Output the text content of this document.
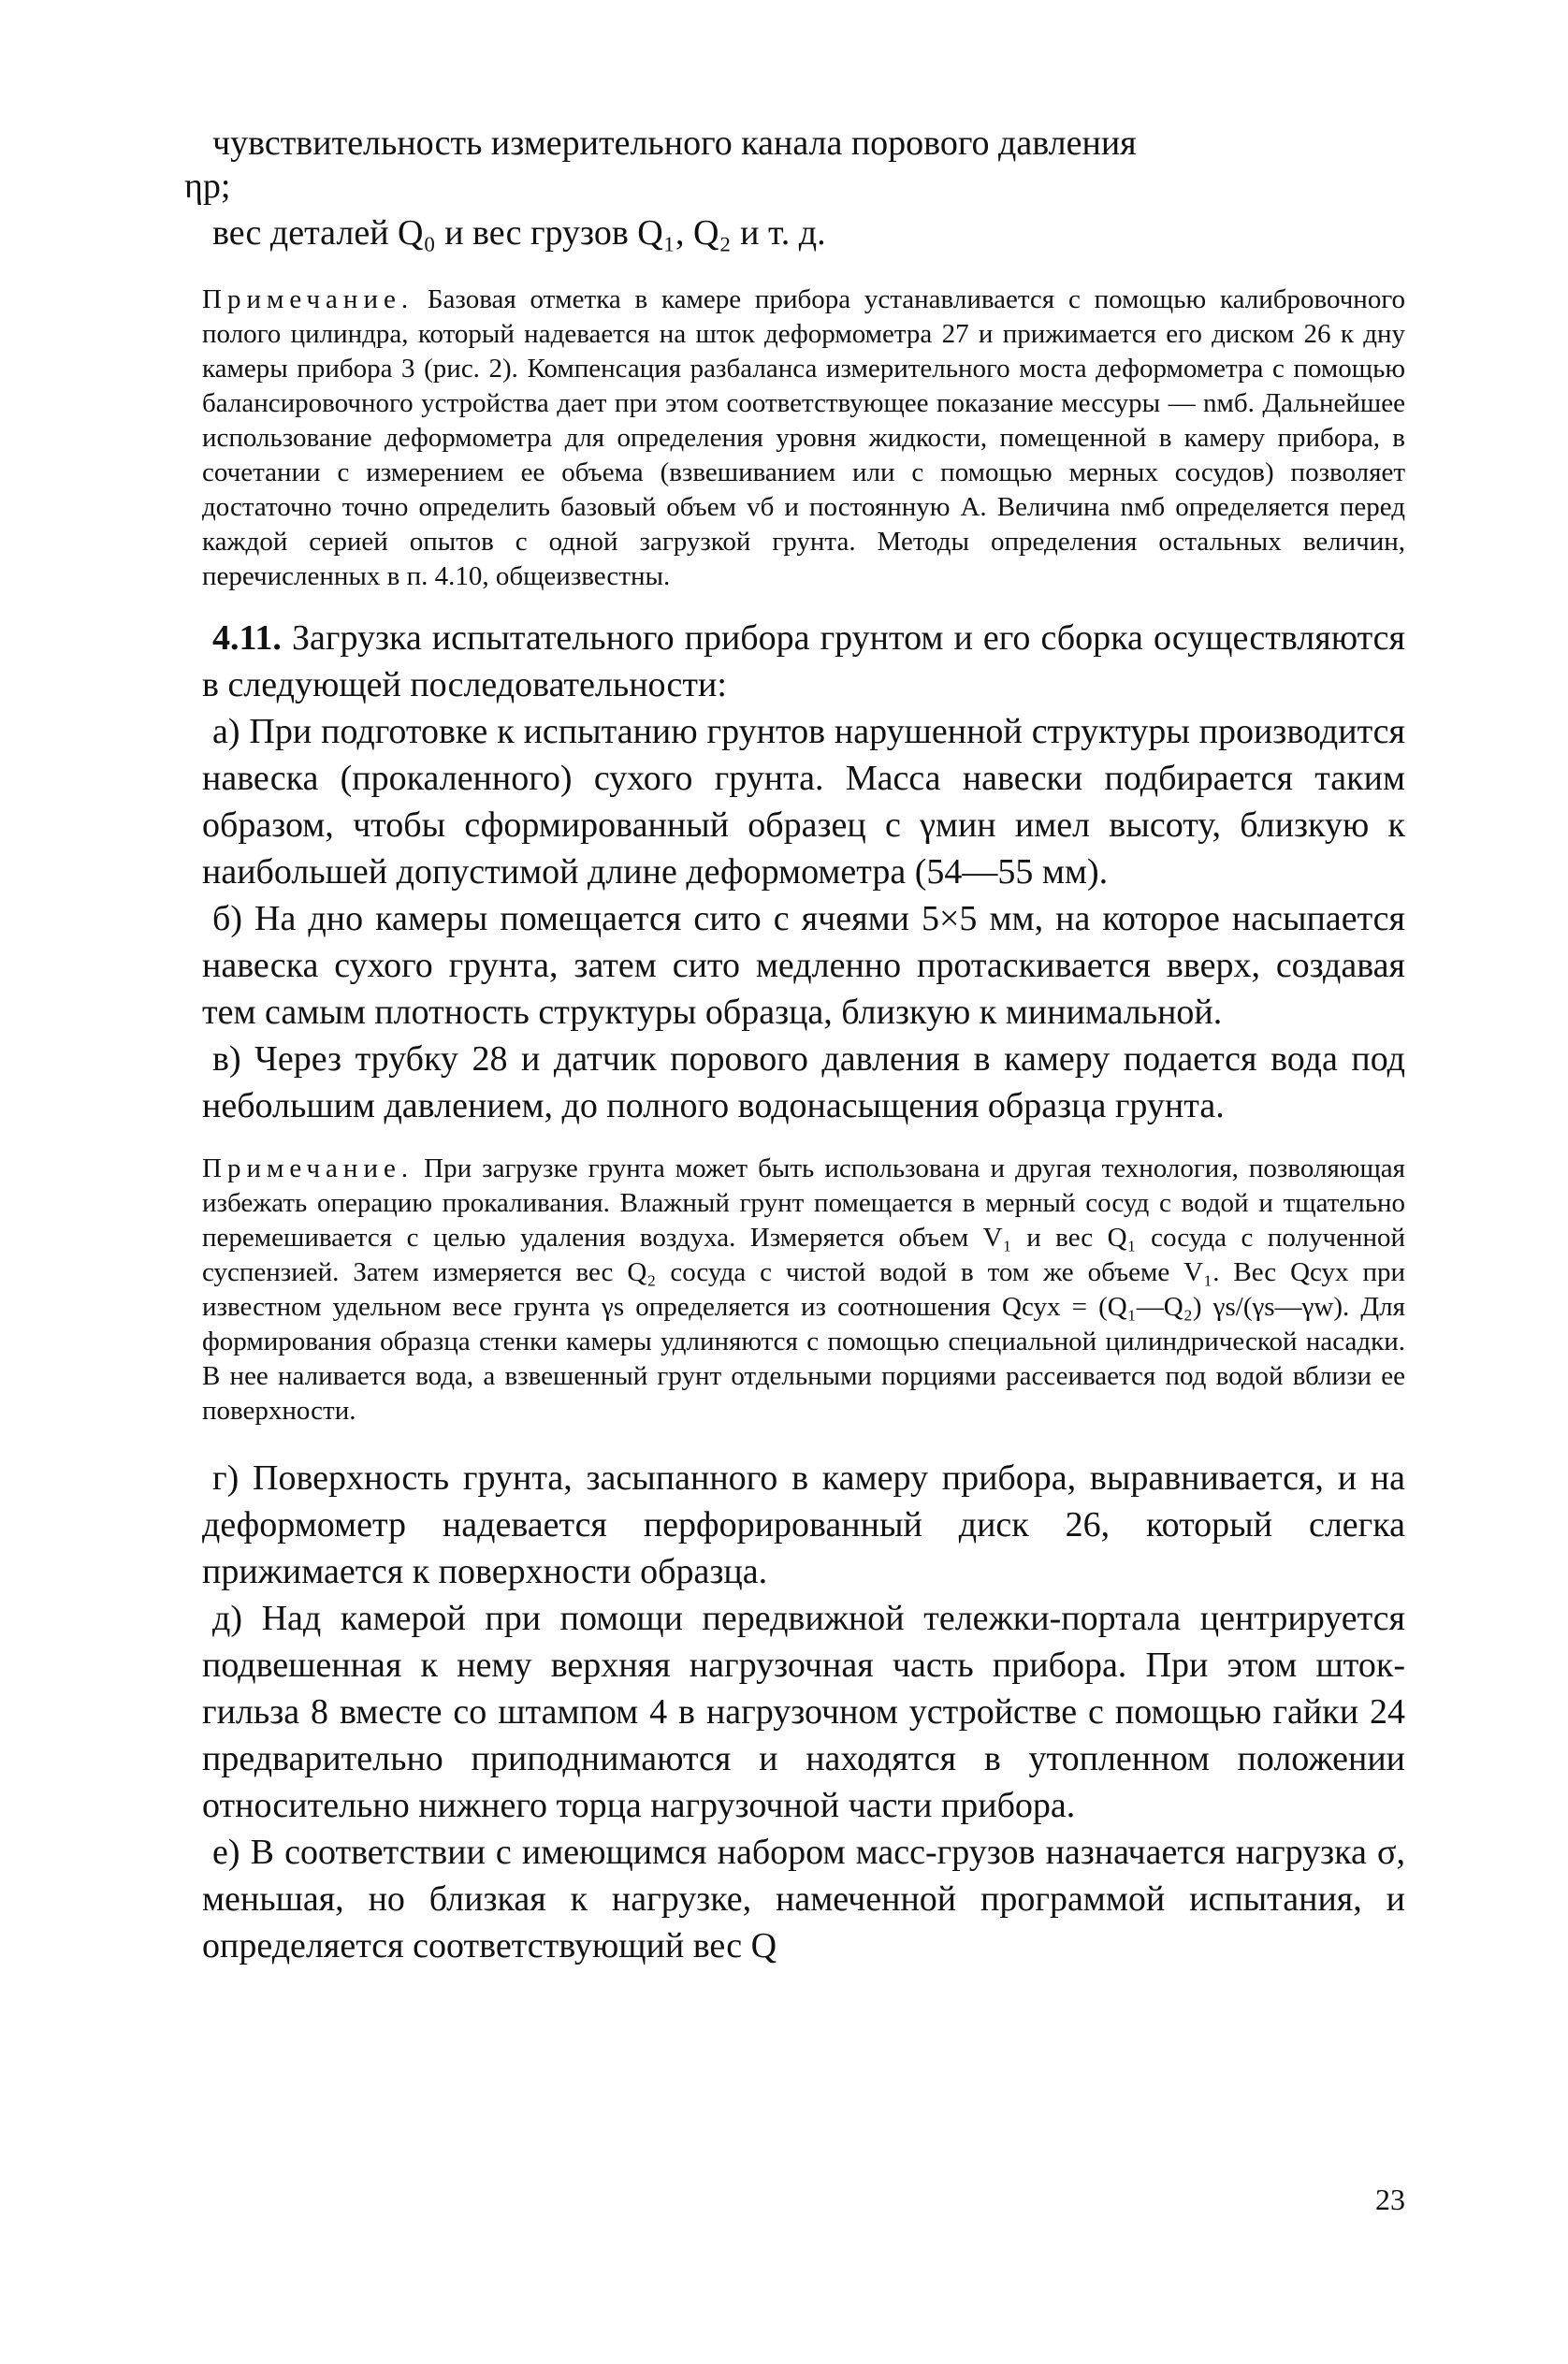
чувствительность измерительного канала порового давления
ηр;

вес деталей Q₀ и вес грузов Q₁, Q₂ и т. д.

Примечание. Базовая отметка в камере прибора устанавливается с помощью калибровочного полого цилиндра, который надевается на шток деформометра 27 и прижимается его диском 26 к дну камеры прибора 3 (рис. 2). Компенсация разбаланса измерительного моста деформометра с помощью балансировочного устройства дает при этом соответствующее показание мессуры — nмб. Дальнейшее использование деформометра для определения уровня жидкости, помещенной в камеру прибора, в сочетании с измерением ее объема (взвешиванием или с помощью мерных сосудов) позволяет достаточно точно определить базовый объем vб и постоянную A. Величина nмб определяется перед каждой серией опытов с одной загрузкой грунта. Методы определения остальных величин, перечисленных в п. 4.10, общеизвестны.

4.11. Загрузка испытательного прибора грунтом и его сборка осуществляются в следующей последовательности:

а) При подготовке к испытанию грунтов нарушенной структуры производится навеска (прокаленного) сухого грунта. Масса навески подбирается таким образом, чтобы сформированный образец с γмин имел высоту, близкую к наибольшей допустимой длине деформометра (54—55 мм).

б) На дно камеры помещается сито с ячеями 5×5 мм, на которое насыпается навеска сухого грунта, затем сито медленно протаскивается вверх, создавая тем самым плотность структуры образца, близкую к минимальной.

в) Через трубку 28 и датчик порового давления в камеру подается вода под небольшим давлением, до полного водонасыщения образца грунта.

Примечание. При загрузке грунта может быть использована и другая технология, позволяющая избежать операцию прокаливания. Влажный грунт помещается в мерный сосуд с водой и тщательно перемешивается с целью удаления воздуха. Измеряется объем V₁ и вес Q₁ сосуда с полученной суспензией. Затем измеряется вес Q₂ сосуда с чистой водой в том же объеме V₁. Вес Qсух при известном удельном весе грунта γs определяется из соотношения Qсух = (Q₁—Q₂) γs/(γs—γw). Для формирования образца стенки камеры удлиняются с помощью специальной цилиндрической насадки. В нее наливается вода, а взвешенный грунт отдельными порциями рассеивается под водой вблизи ее поверхности.

г) Поверхность грунта, засыпанного в камеру прибора, выравнивается, и на деформометр надевается перфорированный диск 26, который слегка прижимается к поверхности образца.

д) Над камерой при помощи передвижной тележки-портала центрируется подвешенная к нему верхняя нагрузочная часть прибора. При этом шток-гильза 8 вместе со штампом 4 в нагрузочном устройстве с помощью гайки 24 предварительно приподнимаются и находятся в утопленном положении относительно нижнего торца нагрузочной части прибора.

е) В соответствии с имеющимся набором масс-грузов назначается нагрузка σ, меньшая, но близкая к нагрузке, намеченной программой испытания, и определяется соответствующий вес Q

23
